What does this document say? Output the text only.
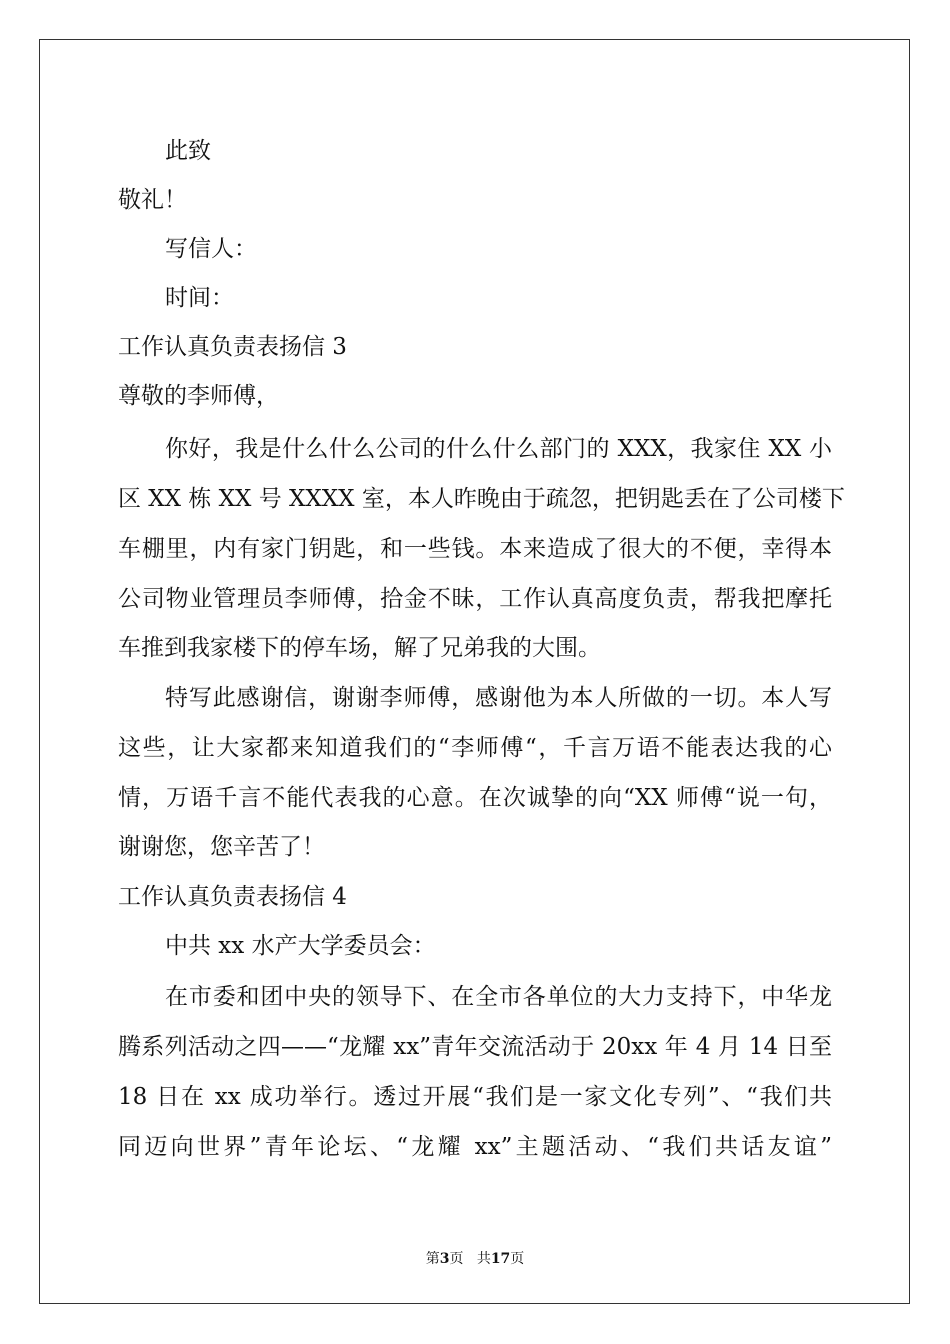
此致
敬礼！
写信人：
时间：
工作认真负责表扬信 3
尊敬的李师傅，
你好，我是什么什么公司的什么什么部门的 XXX，我家住 XX 小
区 XX 栋 XX 号 XXXX 室，本人昨晚由于疏忽，把钥匙丢在了公司楼下
车棚里，内有家门钥匙，和一些钱。本来造成了很大的不便，幸得本
公司物业管理员李师傅，拾金不昧，工作认真高度负责，帮我把摩托
车推到我家楼下的停车场，解了兄弟我的大围。
特写此感谢信，谢谢李师傅，感谢他为本人所做的一切。本人写
这些，让大家都来知道我们的“李师傅“，千言万语不能表达我的心
情，万语千言不能代表我的心意。在次诚挚的向“XX 师傅“说一句，
谢谢您，您辛苦了！
工作认真负责表扬信 4
中共 xx 水产大学委员会：
在市委和团中央的领导下、在全市各单位的大力支持下，中华龙
腾系列活动之四——“龙耀 xx”青年交流活动于 20xx 年 4 月 14 日至
18 日在 xx 成功举行。透过开展“我们是一家文化专列”、“我们共
同迈向世界”青年论坛、“龙耀 xx”主题活动、“我们共话友谊”
第3页 共17页
